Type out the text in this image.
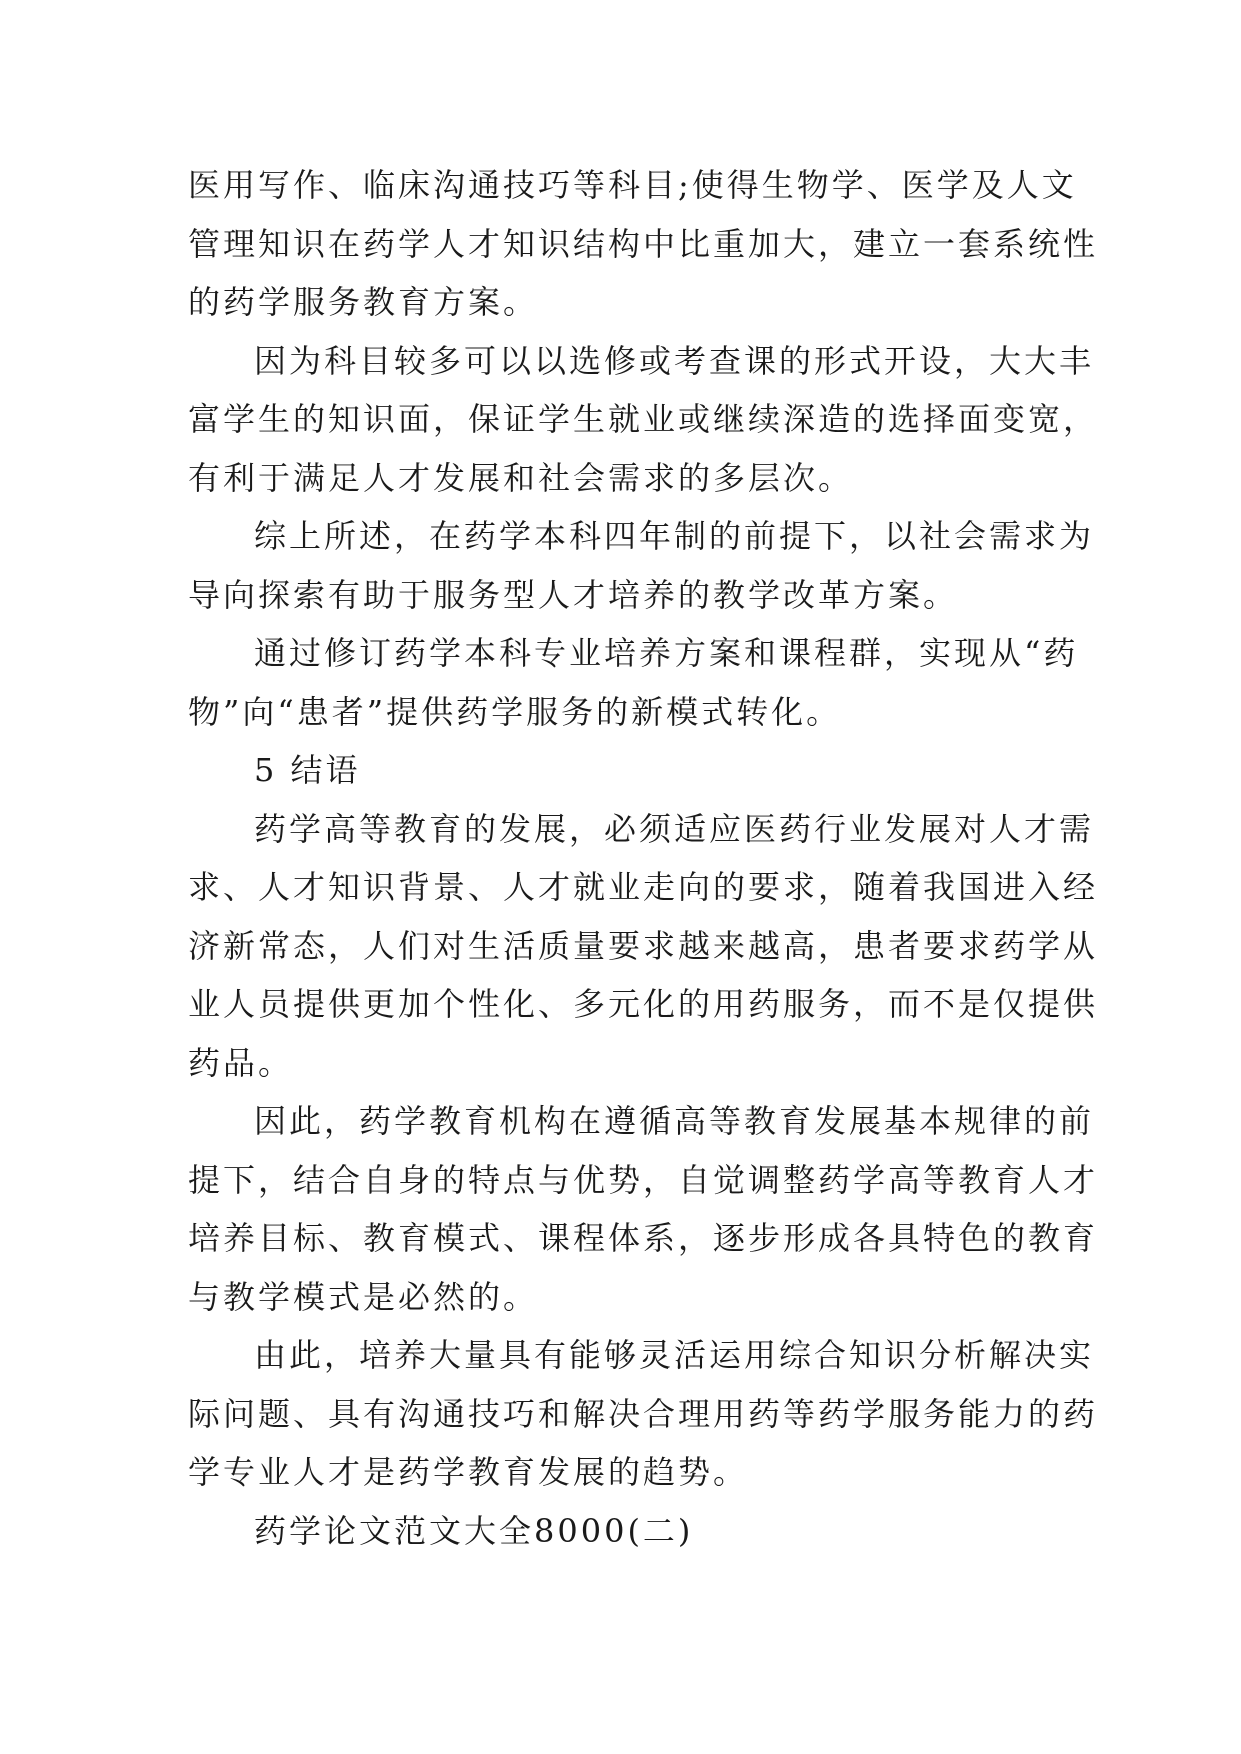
医用写作、临床沟通技巧等科目;使得生物学、医学及人文
管理知识在药学人才知识结构中比重加大，建立一套系统性
的药学服务教育方案。
因为科目较多可以以选修或考查课的形式开设，大大丰
富学生的知识面，保证学生就业或继续深造的选择面变宽，
有利于满足人才发展和社会需求的多层次。
综上所述，在药学本科四年制的前提下，以社会需求为
导向探索有助于服务型人才培养的教学改革方案。
通过修订药学本科专业培养方案和课程群，实现从“药
物”向“患者”提供药学服务的新模式转化。
5 结语
药学高等教育的发展，必须适应医药行业发展对人才需
求、人才知识背景、人才就业走向的要求，随着我国进入经
济新常态，人们对生活质量要求越来越高，患者要求药学从
业人员提供更加个性化、多元化的用药服务，而不是仅提供
药品。
因此，药学教育机构在遵循高等教育发展基本规律的前
提下，结合自身的特点与优势，自觉调整药学高等教育人才
培养目标、教育模式、课程体系，逐步形成各具特色的教育
与教学模式是必然的。
由此，培养大量具有能够灵活运用综合知识分析解决实
际问题、具有沟通技巧和解决合理用药等药学服务能力的药
学专业人才是药学教育发展的趋势。
药学论文范文大全8000(二)
